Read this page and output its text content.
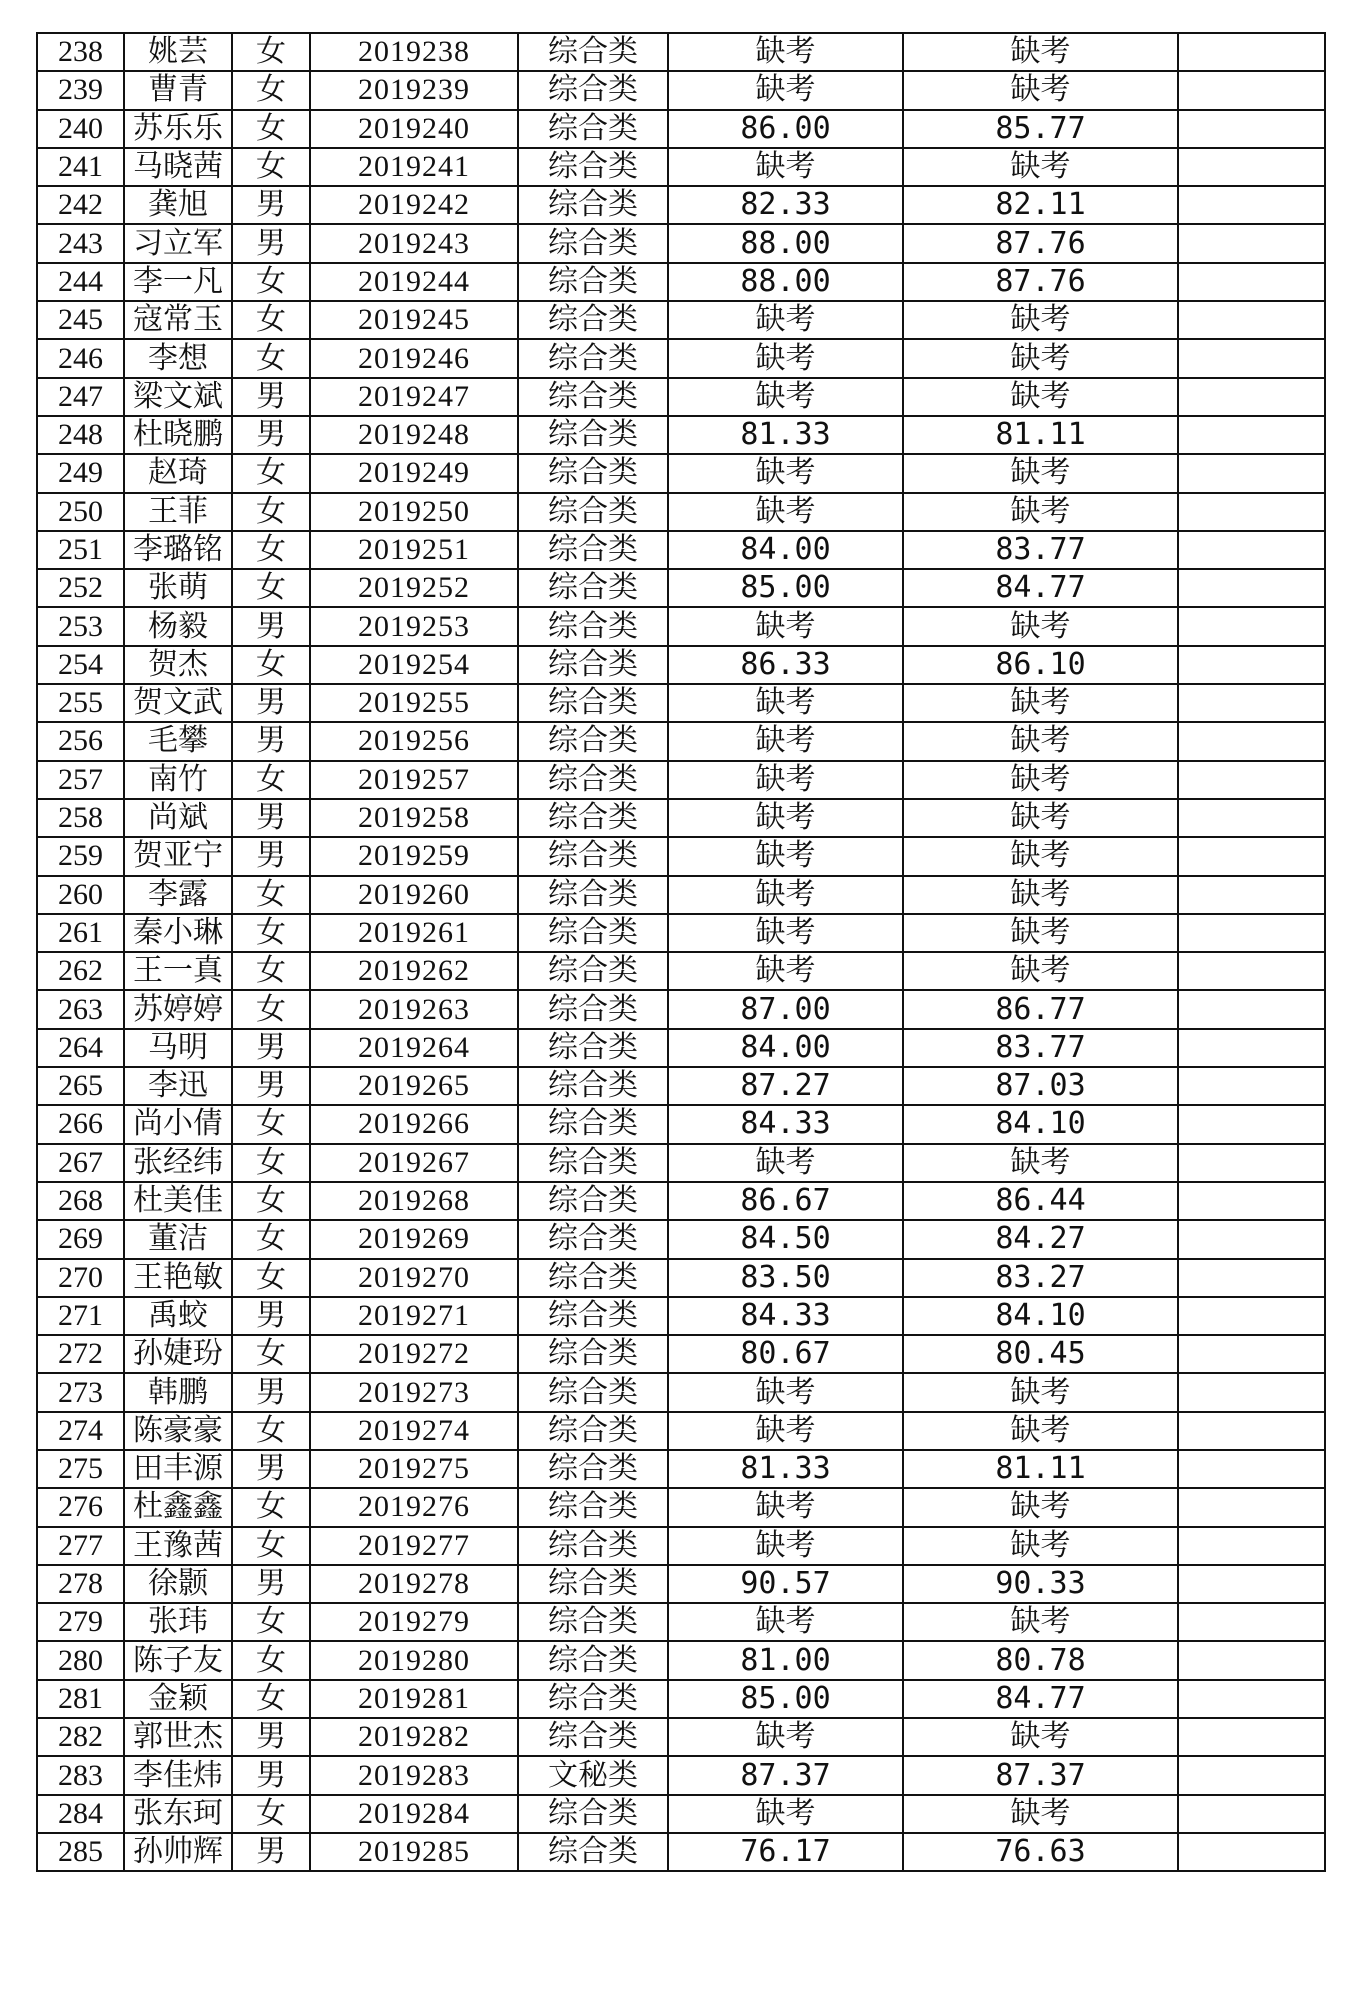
238	姚芸	女	2019238	综合类	缺考	缺考	
239	曹青	女	2019239	综合类	缺考	缺考	
240	苏乐乐	女	2019240	综合类	86.00	85.77	
241	马晓茜	女	2019241	综合类	缺考	缺考	
242	龚旭	男	2019242	综合类	82.33	82.11	
243	习立军	男	2019243	综合类	88.00	87.76	
244	李一凡	女	2019244	综合类	88.00	87.76	
245	寇常玉	女	2019245	综合类	缺考	缺考	
246	李想	女	2019246	综合类	缺考	缺考	
247	梁文斌	男	2019247	综合类	缺考	缺考	
248	杜晓鹏	男	2019248	综合类	81.33	81.11	
249	赵琦	女	2019249	综合类	缺考	缺考	
250	王菲	女	2019250	综合类	缺考	缺考	
251	李璐铭	女	2019251	综合类	84.00	83.77	
252	张萌	女	2019252	综合类	85.00	84.77	
253	杨毅	男	2019253	综合类	缺考	缺考	
254	贺杰	女	2019254	综合类	86.33	86.10	
255	贺文武	男	2019255	综合类	缺考	缺考	
256	毛攀	男	2019256	综合类	缺考	缺考	
257	南竹	女	2019257	综合类	缺考	缺考	
258	尚斌	男	2019258	综合类	缺考	缺考	
259	贺亚宁	男	2019259	综合类	缺考	缺考	
260	李露	女	2019260	综合类	缺考	缺考	
261	秦小琳	女	2019261	综合类	缺考	缺考	
262	王一真	女	2019262	综合类	缺考	缺考	
263	苏婷婷	女	2019263	综合类	87.00	86.77	
264	马明	男	2019264	综合类	84.00	83.77	
265	李迅	男	2019265	综合类	87.27	87.03	
266	尚小倩	女	2019266	综合类	84.33	84.10	
267	张经纬	女	2019267	综合类	缺考	缺考	
268	杜美佳	女	2019268	综合类	86.67	86.44	
269	董洁	女	2019269	综合类	84.50	84.27	
270	王艳敏	女	2019270	综合类	83.50	83.27	
271	禹蛟	男	2019271	综合类	84.33	84.10	
272	孙婕玢	女	2019272	综合类	80.67	80.45	
273	韩鹏	男	2019273	综合类	缺考	缺考	
274	陈豪豪	女	2019274	综合类	缺考	缺考	
275	田丰源	男	2019275	综合类	81.33	81.11	
276	杜鑫鑫	女	2019276	综合类	缺考	缺考	
277	王豫茜	女	2019277	综合类	缺考	缺考	
278	徐颢	男	2019278	综合类	90.57	90.33	
279	张玮	女	2019279	综合类	缺考	缺考	
280	陈子友	女	2019280	综合类	81.00	80.78	
281	金颖	女	2019281	综合类	85.00	84.77	
282	郭世杰	男	2019282	综合类	缺考	缺考	
283	李佳炜	男	2019283	文秘类	87.37	87.37	
284	张东珂	女	2019284	综合类	缺考	缺考	
285	孙帅辉	男	2019285	综合类	76.17	76.63	
